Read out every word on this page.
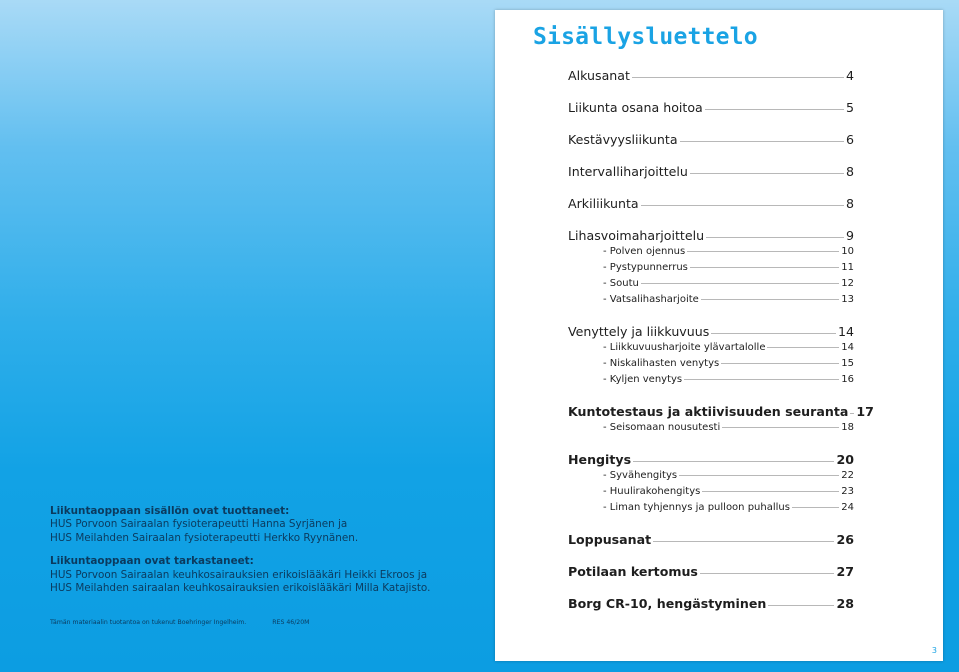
Liikuntaoppaan sisällön ovat tuottaneet:
HUS Porvoon Sairaalan fysioterapeutti Hanna Syrjänen ja
HUS Meilahden Sairaalan fysioterapeutti Herkko Ryynänen.
Liikuntaoppaan ovat tarkastaneet:
HUS Porvoon Sairaalan keuhkosairauksien erikoislääkäri Heikki Ekroos ja
HUS Meilahden sairaalan keuhkosairauksien erikoislääkäri Milla Katajisto.
Tämän materiaalin tuotantoa on tukenut Boehringer Ingelheim.	RES 46/20M
Sisällysluettelo
Alkusanat	4
Liikunta osana hoitoa	5
Kestävyysliikunta	6
Intervalliharjoittelu	8
Arkiliikunta	8
Lihasvoimaharjoittelu	9
- Polven ojennus	10
- Pystypunnerrus	11
- Soutu	12
- Vatsalihasharjoite	13
Venyttely ja liikkuvuus	14
- Liikkuvuusharjoite ylävartalolle	14
- Niskalihasten venytys	15
- Kyljen venytys	16
Kuntotestaus ja aktiivisuuden seuranta 17
- Seisomaan nousutesti	18
Hengitys	20
- Syvähengitys	22
- Huulirakohengitys	23
- Liman tyhjennys ja pulloon puhallus	24
Loppusanat	26
Potilaan kertomus	27
Borg CR-10, hengästyminen	28
3
